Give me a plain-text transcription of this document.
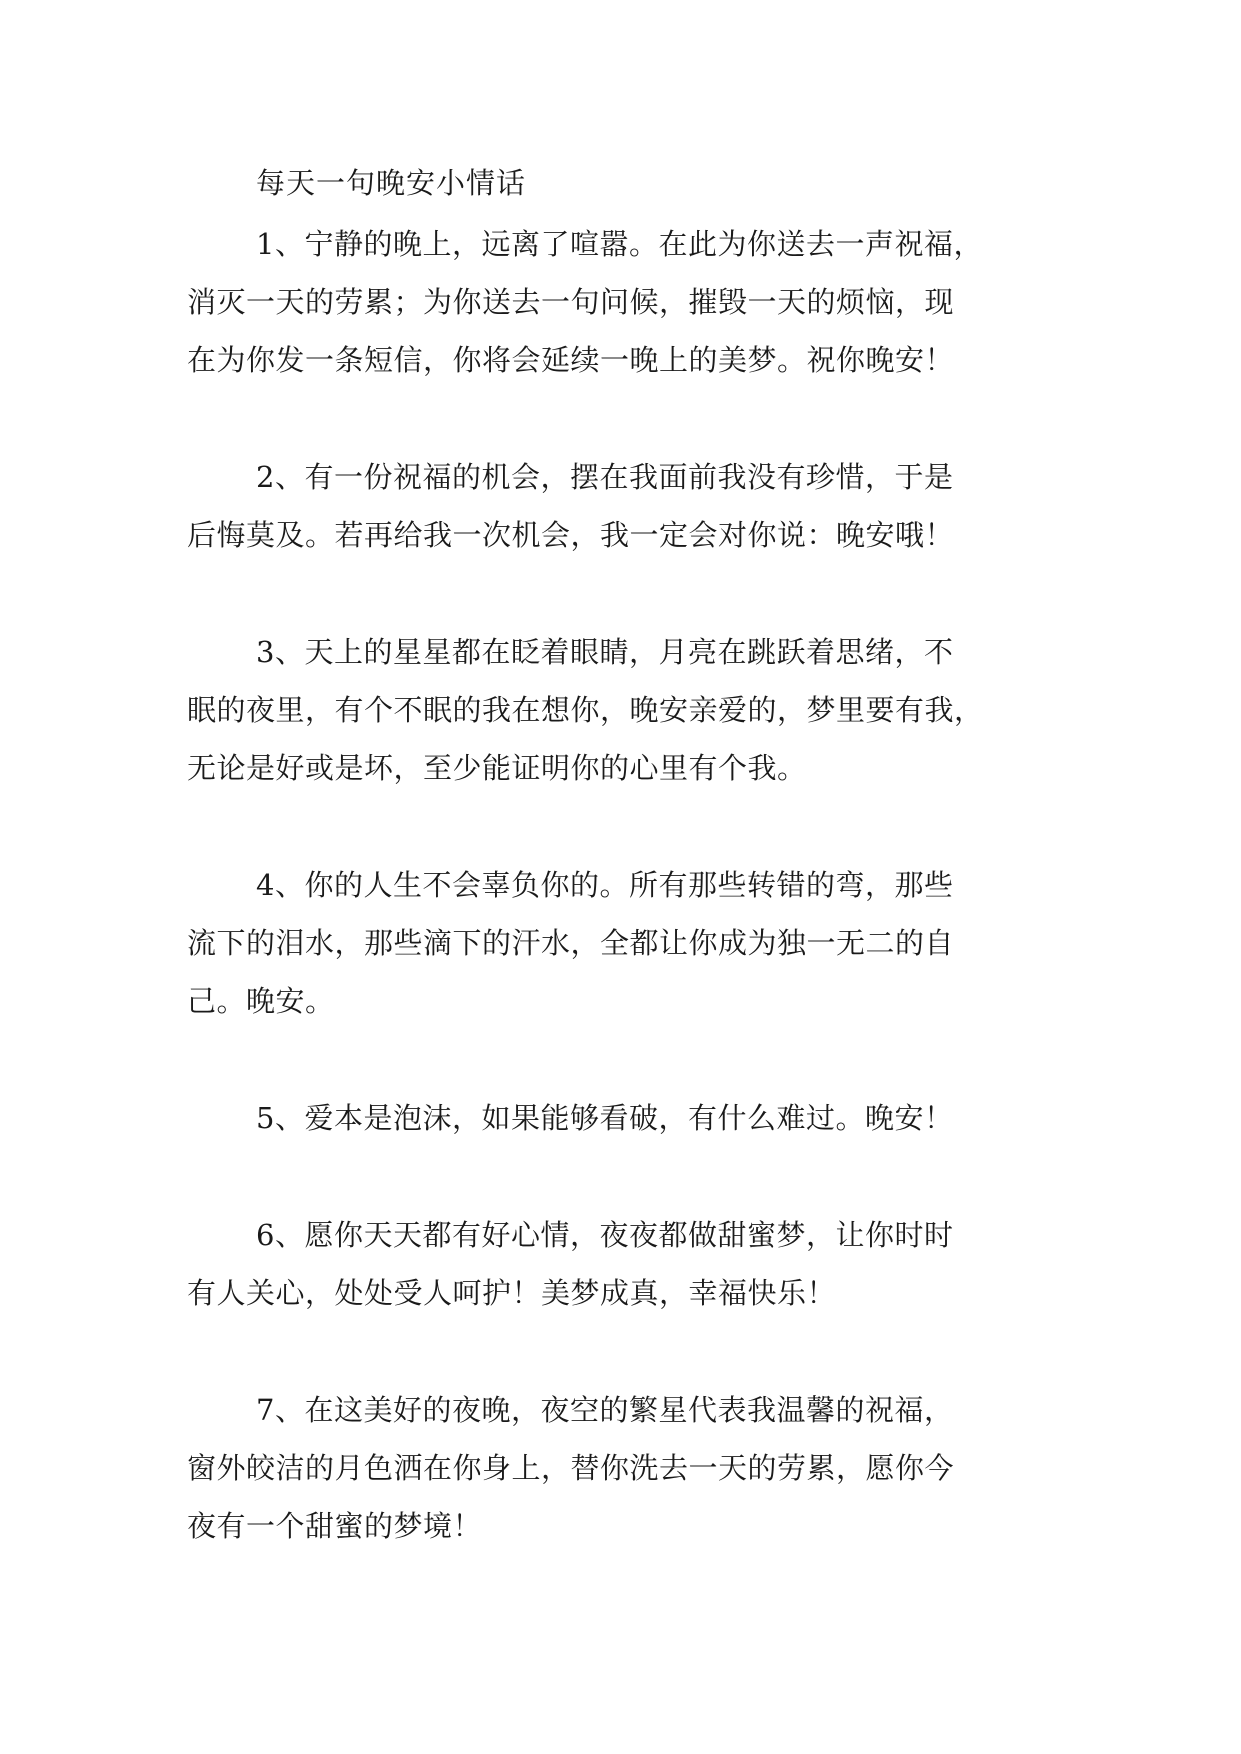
每天一句晚安小情话
1、宁静的晚上，远离了喧嚣。在此为你送去一声祝福，
消灭一天的劳累；为你送去一句问候，摧毁一天的烦恼，现
在为你发一条短信，你将会延续一晚上的美梦。祝你晚安！
2、有一份祝福的机会，摆在我面前我没有珍惜，于是
后悔莫及。若再给我一次机会，我一定会对你说：晚安哦！
3、天上的星星都在眨着眼睛，月亮在跳跃着思绪，不
眠的夜里，有个不眠的我在想你，晚安亲爱的，梦里要有我，
无论是好或是坏，至少能证明你的心里有个我。
4、你的人生不会辜负你的。所有那些转错的弯，那些
流下的泪水，那些滴下的汗水，全都让你成为独一无二的自
己。晚安。
5、爱本是泡沫，如果能够看破，有什么难过。晚安！
6、愿你天天都有好心情，夜夜都做甜蜜梦，让你时时
有人关心，处处受人呵护！美梦成真，幸福快乐！
7、在这美好的夜晚，夜空的繁星代表我温馨的祝福，
窗外皎洁的月色洒在你身上，替你洗去一天的劳累，愿你今
夜有一个甜蜜的梦境！
